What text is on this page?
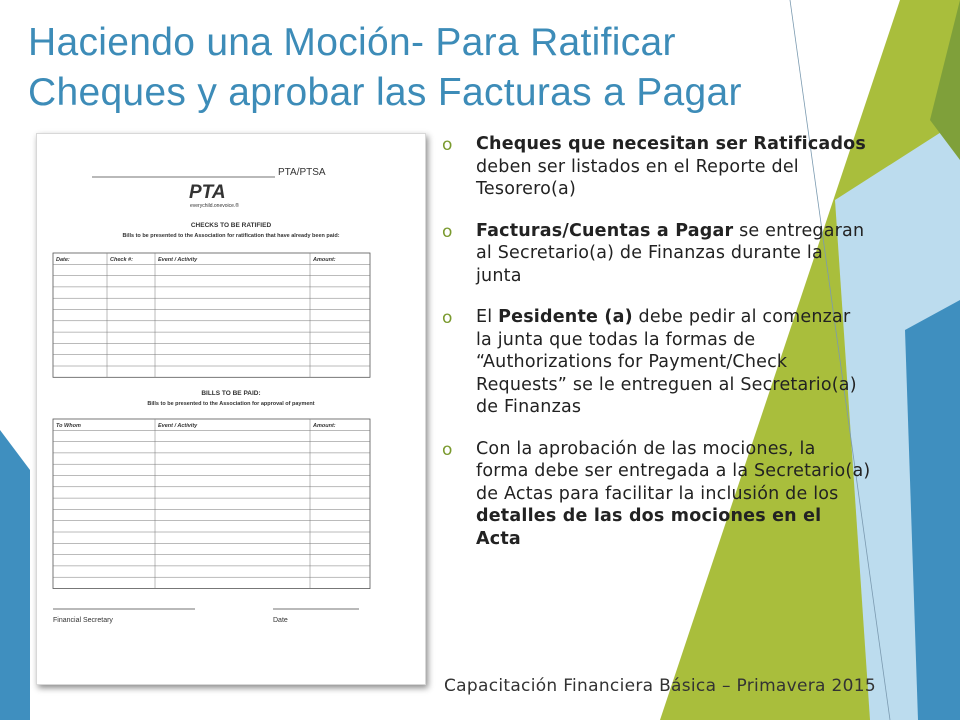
Haciendo una Moción- Para Ratificar
Cheques y aprobar las Facturas a Pagar
PTA/PTSA
PTA
everychild.onevoice.®
CHECKS TO BE RATIFIED
Bills to be presented to the Association for ratification that have already been paid:
Date:	Check #:	Event / Activity	Amount:
BILLS TO BE PAID:
Bills to be presented to the Association for approval of payment
To Whom	Event / Activity	Amount:
Financial Secretary	Date
o Cheques que necesitan ser Ratificados deben ser listados en el Reporte del Tesorero(a)
o Facturas/Cuentas a Pagar se entregaran al Secretario(a) de Finanzas durante la junta
o El Pesidente (a) debe pedir al comenzar la junta que todas la formas de “Authorizations for Payment/Check Requests” se le entreguen al Secretario(a) de Finanzas
o Con la aprobación de las mociones, la forma debe ser entregada a la Secretario(a) de Actas para facilitar la inclusión de los detalles de las dos mociones en el Acta
Capacitación Financiera Básica – Primavera 2015
